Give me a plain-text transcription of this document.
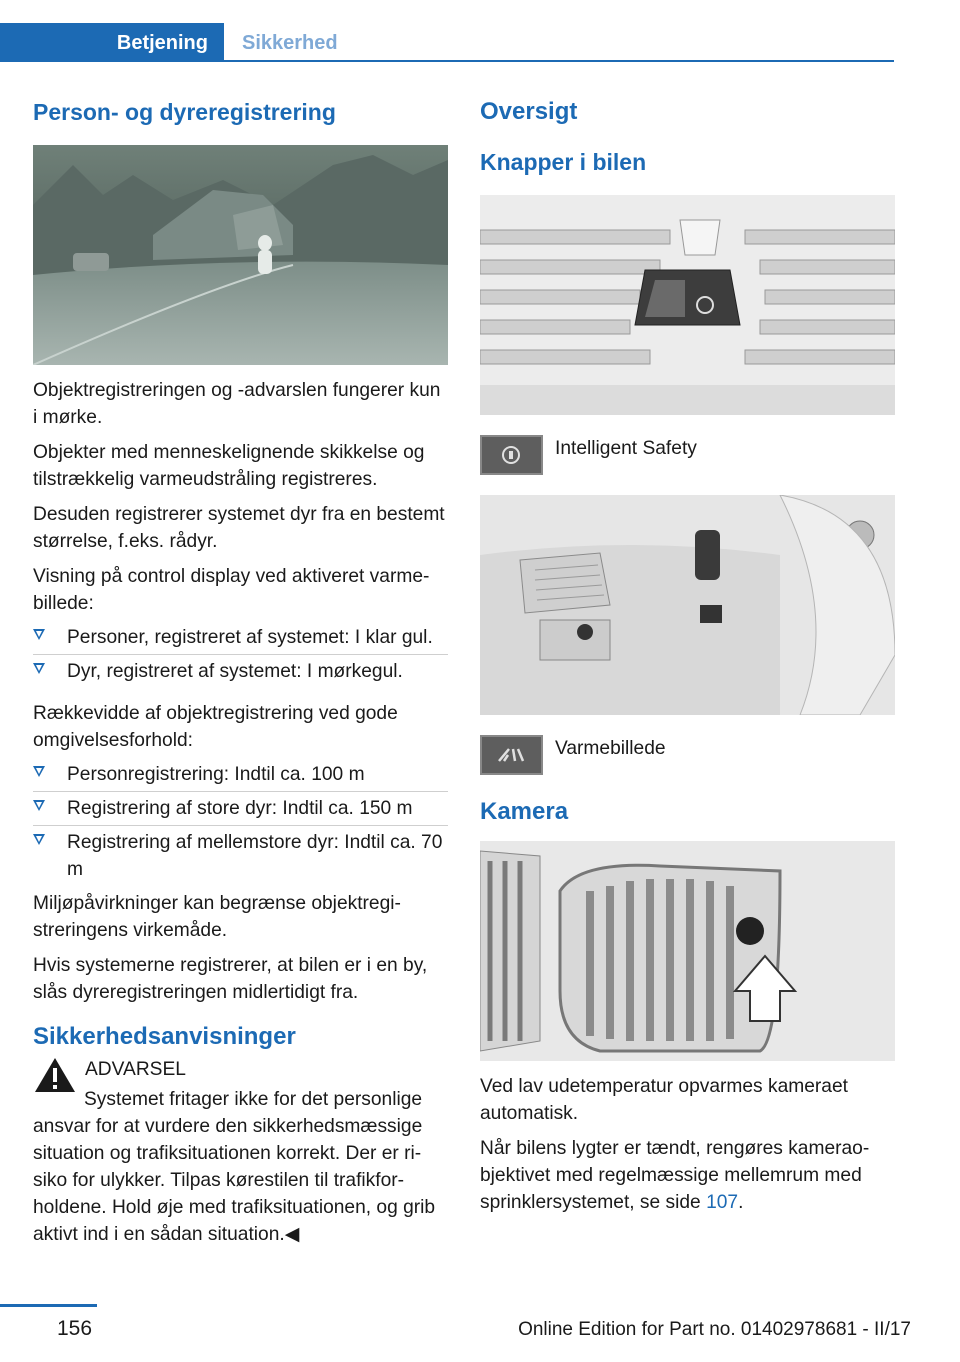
Betjening	Sikkerhed
Person- og dyreregistrering

Objektregistreringen og -advarslen fungerer kun i mørke.

Objekter med menneskelignende skikkelse og tilstrækkelig varmeudstråling registreres.

Desuden registrerer systemet dyr fra en bestemt størrelse, f.eks. rådyr.

Visning på control display ved aktiveret varmebillede:

Personer, registreret af systemet: I klar gul.
Dyr, registreret af systemet: I mørkegul.

Rækkevidde af objektregistrering ved gode omgivelsesforhold:

Personregistrering: Indtil ca. 100 m
Registrering af store dyr: Indtil ca. 150 m
Registrering af mellemstore dyr: Indtil ca. 70 m

Miljøpåvirkninger kan begrænse objektregistreringens virkemåde.

Hvis systemerne registrerer, at bilen er i en by, slås dyreregistreringen midlertidigt fra.

Sikkerhedsanvisninger

ADVARSEL

Systemet fritager ikke for det personlige ansvar for at vurdere den sikkerhedsmæssige situation og trafiksituationen korrekt. Der er risiko for ulykker. Tilpas kørestilen til trafikforholdene. Hold øje med trafiksituationen, og grib aktivt ind i en sådan situation.◀

Oversigt
Knapper i bilen

Intelligent Safety

Varmebillede

Kamera

Ved lav udetemperatur opvarmes kameraet automatisk.

Når bilens lygter er tændt, rengøres kameraobjektivet med regelmæssige mellemrum med sprinklersystemet, se side 107.

156	Online Edition for Part no. 01402978681 - II/17
